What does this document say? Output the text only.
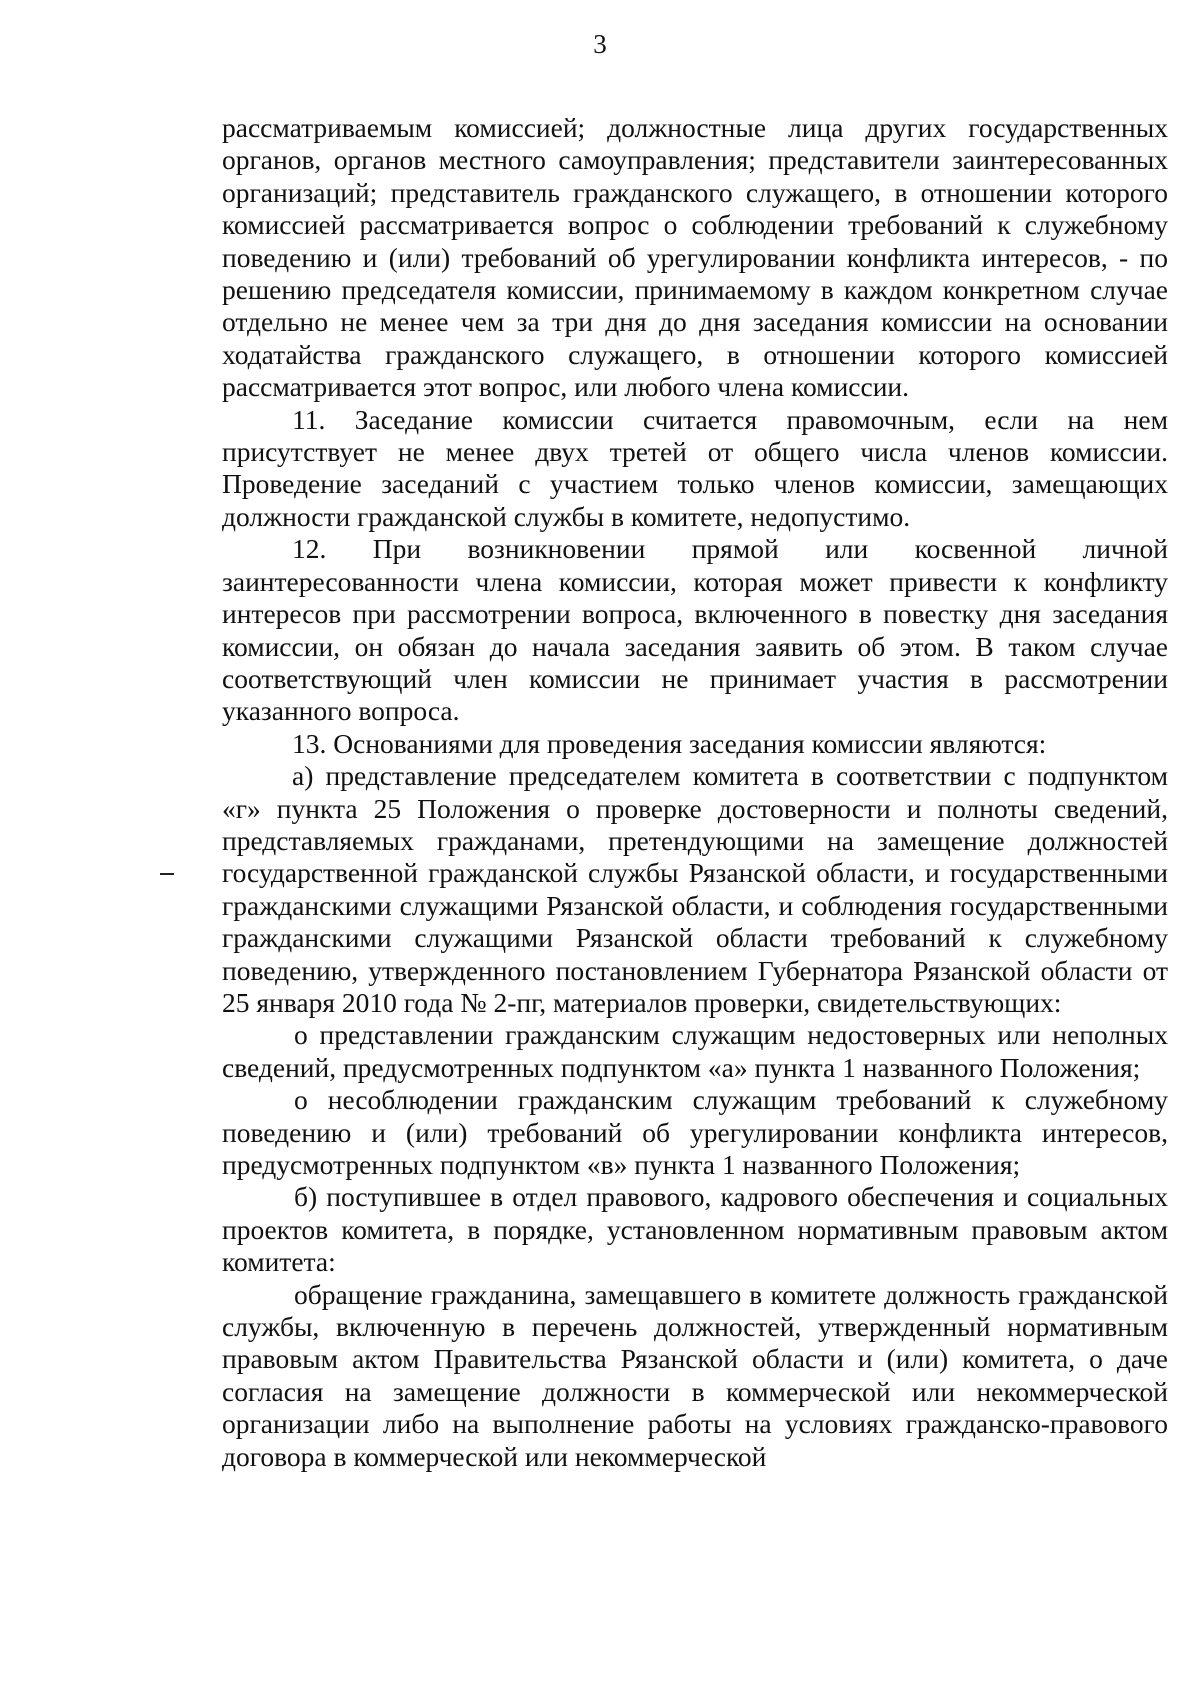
3

рассматриваемым комиссией; должностные лица других государственных органов, органов местного самоуправления; представители заинтересованных организаций; представитель гражданского служащего, в отношении которого комиссией рассматривается вопрос о соблюдении требований к служебному поведению и (или) требований об урегулировании конфликта интересов, - по решению председателя комиссии, принимаемому в каждом конкретном случае отдельно не менее чем за три дня до дня заседания комиссии на основании ходатайства гражданского служащего, в отношении которого комиссией рассматривается этот вопрос, или любого члена комиссии.

11. Заседание комиссии считается правомочным, если на нем присутствует не менее двух третей от общего числа членов комиссии. Проведение заседаний с участием только членов комиссии, замещающих должности гражданской службы в комитете, недопустимо.

12. При возникновении прямой или косвенной личной заинтересованности члена комиссии, которая может привести к конфликту интересов при рассмотрении вопроса, включенного в повестку дня заседания комиссии, он обязан до начала заседания заявить об этом. В таком случае соответствующий член комиссии не принимает участия в рассмотрении указанного вопроса.

13. Основаниями для проведения заседания комиссии являются:

а) представление председателем комитета в соответствии с подпунктом «г» пункта 25 Положения о проверке достоверности и полноты сведений, представляемых гражданами, претендующими на замещение должностей государственной гражданской службы Рязанской области, и государственными гражданскими служащими Рязанской области, и соблюдения государственными гражданскими служащими Рязанской области требований к служебному поведению, утвержденного постановлением Губернатора Рязанской области от 25 января 2010 года № 2-пг, материалов проверки, свидетельствующих:

о представлении гражданским служащим недостоверных или неполных сведений, предусмотренных подпунктом «а» пункта 1 названного Положения;

о несоблюдении гражданским служащим требований к служебному поведению и (или) требований об урегулировании конфликта интересов, предусмотренных подпунктом «в» пункта 1 названного Положения;

б) поступившее в отдел правового, кадрового обеспечения и социальных проектов комитета, в порядке, установленном нормативным правовым актом комитета:

обращение гражданина, замещавшего в комитете должность гражданской службы, включенную в перечень должностей, утвержденный нормативным правовым актом Правительства Рязанской области и (или) комитета, о даче согласия на замещение должности в коммерческой или некоммерческой организации либо на выполнение работы на условиях гражданско-правового договора в коммерческой или некоммерческой
